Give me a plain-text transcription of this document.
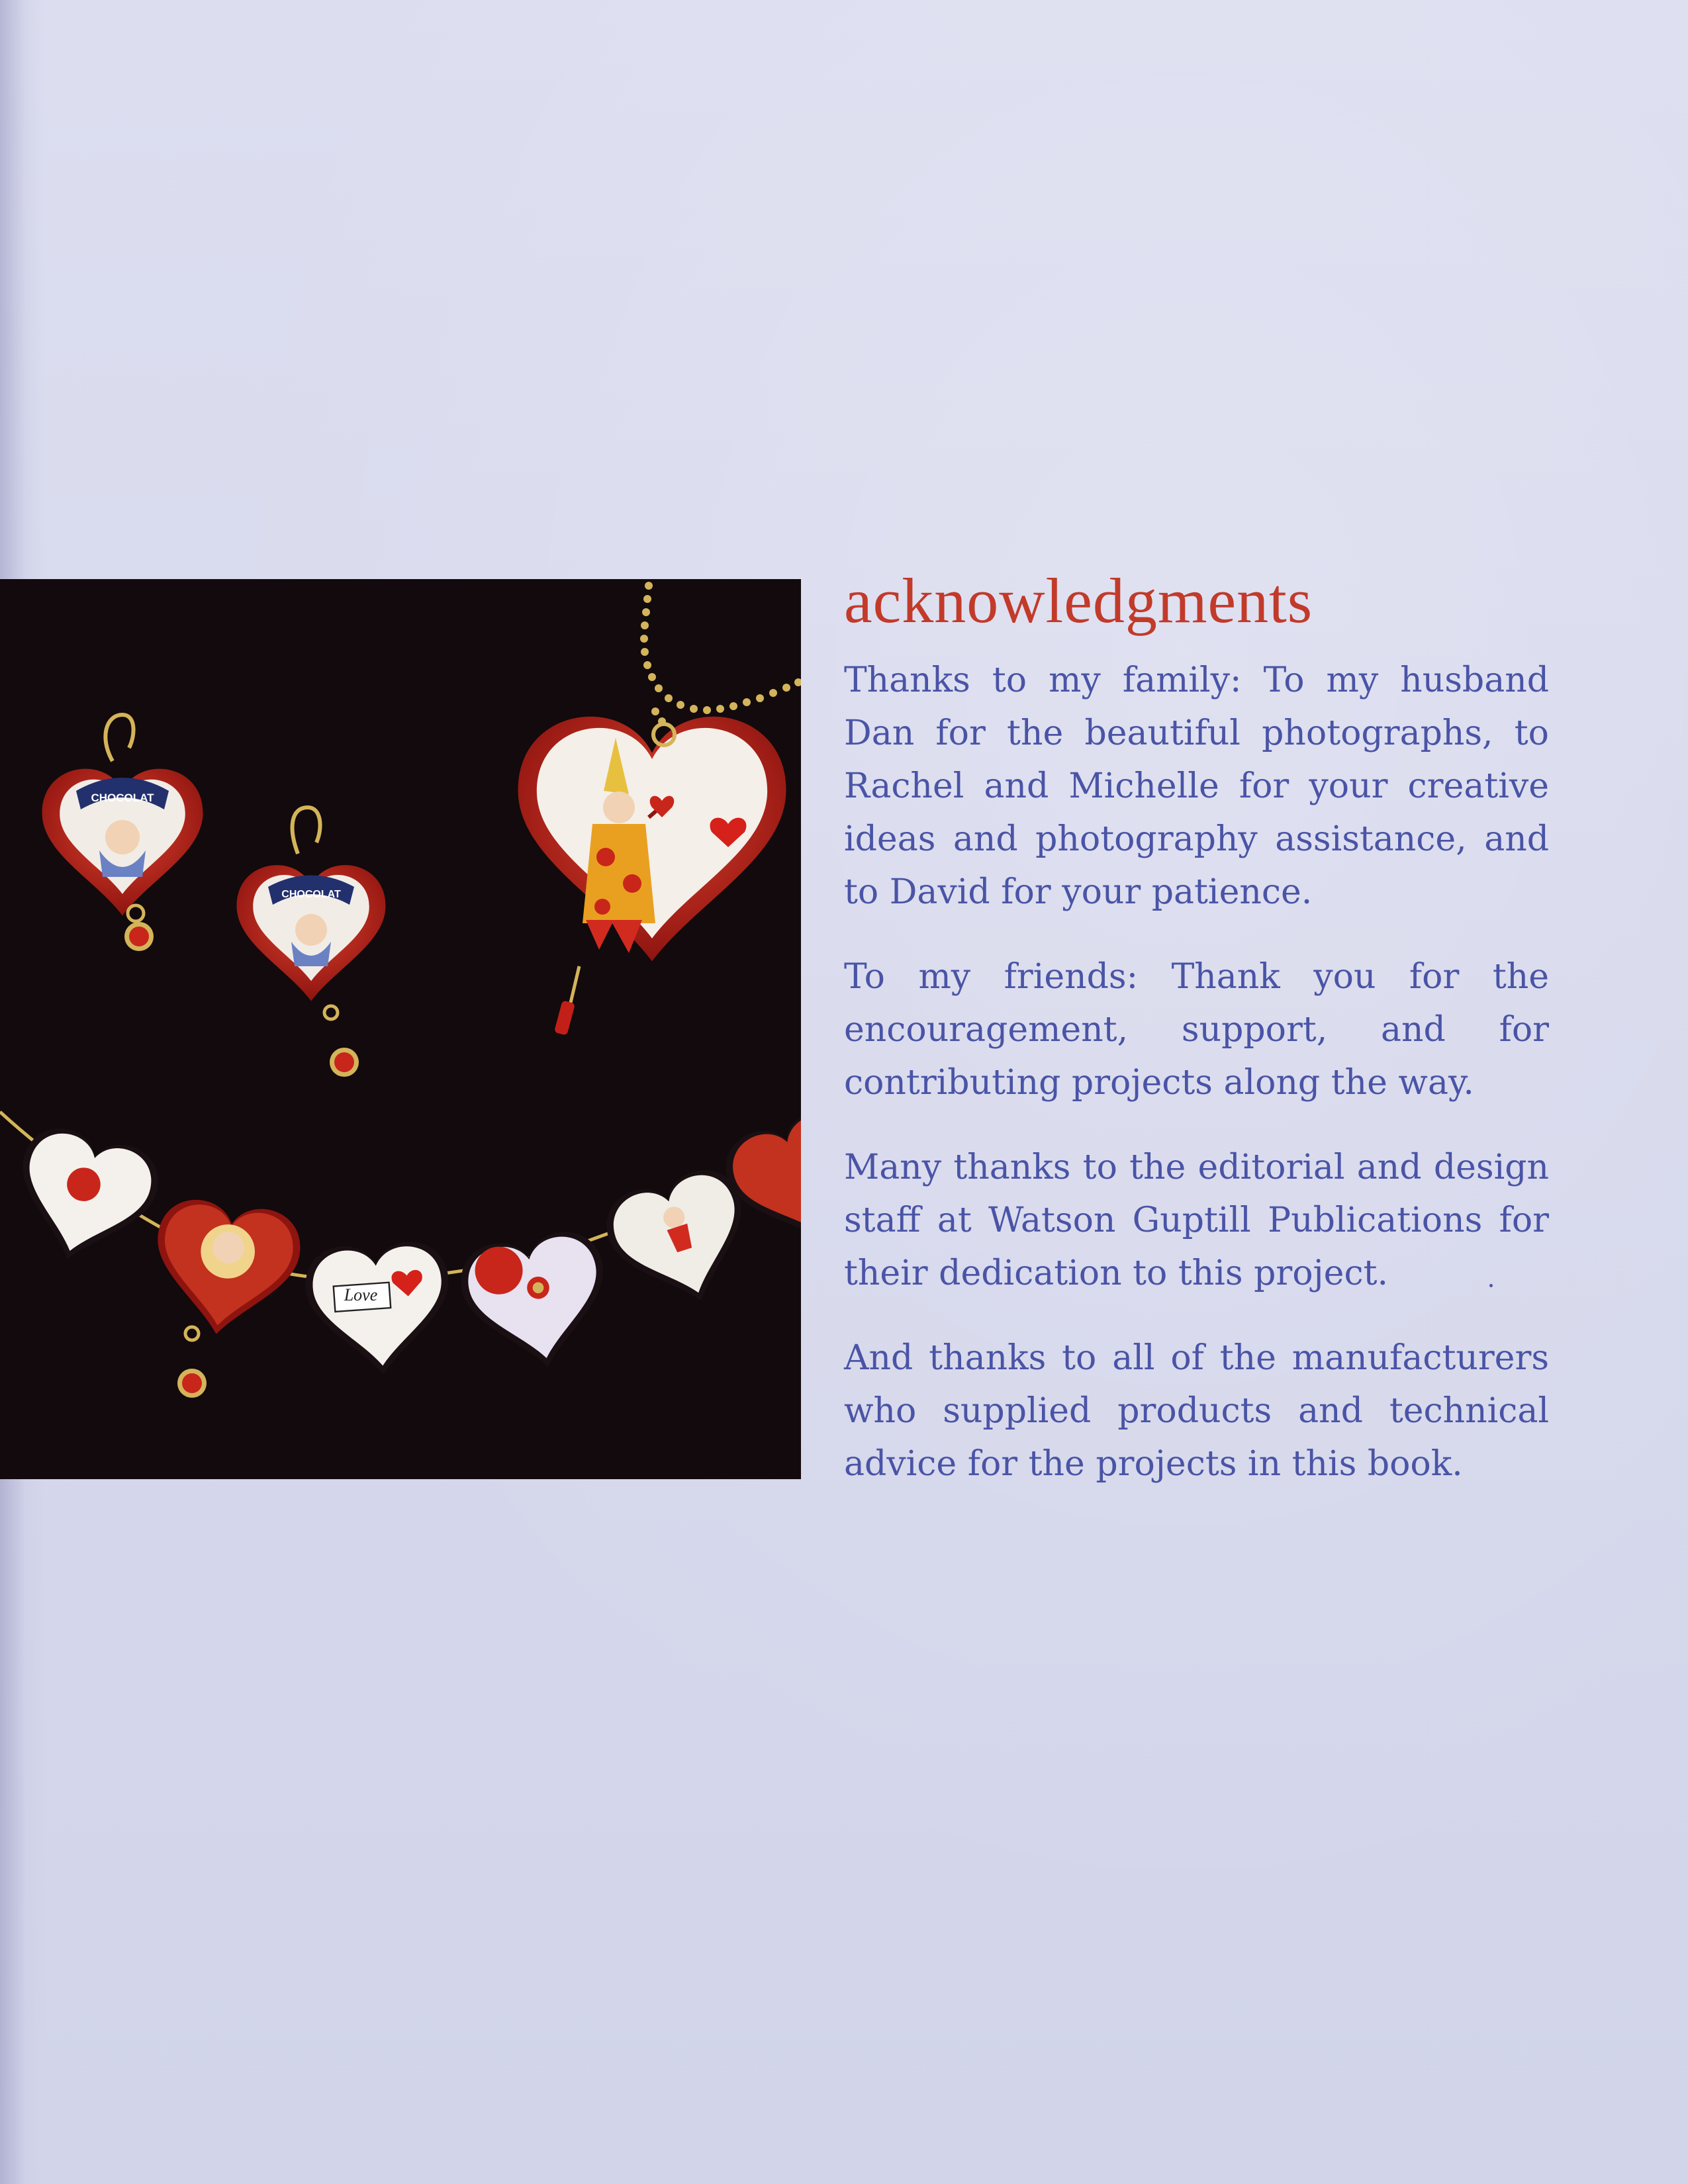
CHOCOLAT
CHOCOLAT
Love
acknowledgments

Thanks to my family: To my husband Dan for the beautiful photographs, to Rachel and Michelle for your creative ideas and photography assistance, and to David for your patience.

To my friends: Thank you for the encouragement, support, and for contributing projects along the way.

Many thanks to the editorial and design staff at Watson Guptill Publications for their dedication to this project.

And thanks to all of the manufacturers who supplied products and technical advice for the projects in this book.
